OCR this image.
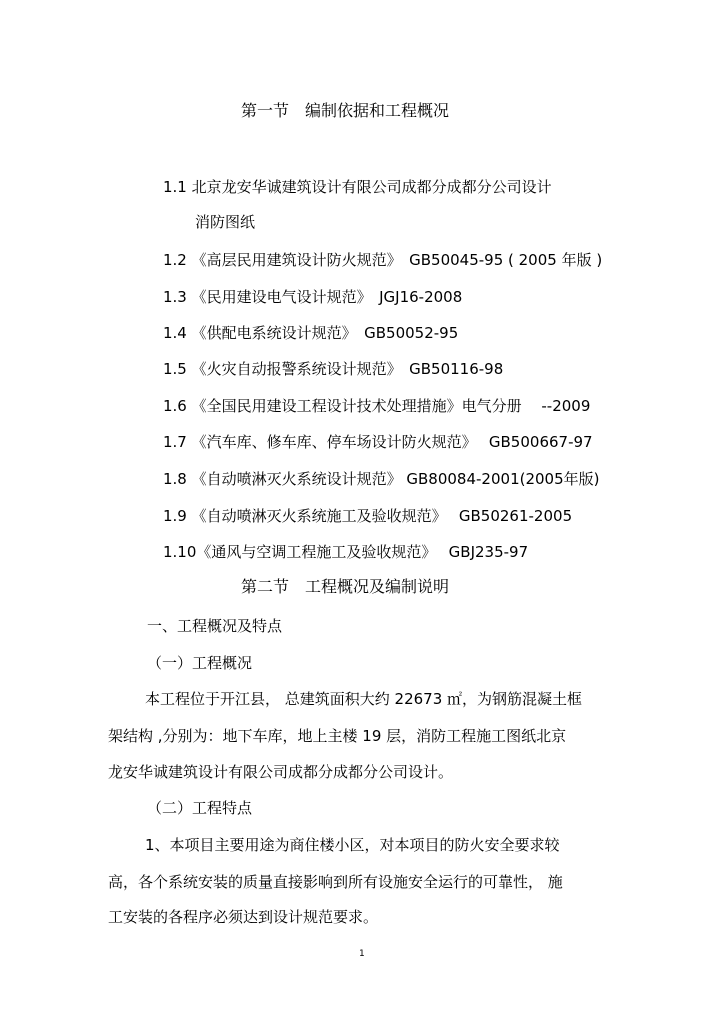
第一节　编制依据和工程概况
1.1 北京龙安华诚建筑设计有限公司成都分成都分公司设计
消防图纸
1.2 《高层民用建筑设计防火规范》　GB50045-95 ( 2005 年版 )
1.3 《民用建设电气设计规范》　JGJ16-2008
1.4 《供配电系统设计规范》　GB50052-95
1.5 《火灾自动报警系统设计规范》　GB50116-98
1.6 《全国民用建设工程设计技术处理措施》电气分册　 --2009
1.7 《汽车库、修车库、停车场设计防火规范》　 GB500667-97
1.8 《自动喷淋灭火系统设计规范》 GB80084-2001(2005年版)
1.9 《自动喷淋灭火系统施工及验收规范》　 GB50261-2005
1.10《通风与空调工程施工及验收规范》　 GBJ235-97
第二节　工程概况及编制说明
一、工程概况及特点
（一）工程概况
本工程位于开江县， 总建筑面积大约 22673 ㎡，为钢筋混凝土框
架结构 ,分别为：地下车库，地上主楼 19 层，消防工程施工图纸北京
龙安华诚建筑设计有限公司成都分成都分公司设计。
（二）工程特点
1、本项目主要用途为商住楼小区，对本项目的防火安全要求较
高，各个系统安装的质量直接影响到所有设施安全运行的可靠性， 施
工安装的各程序必须达到设计规范要求。
1
